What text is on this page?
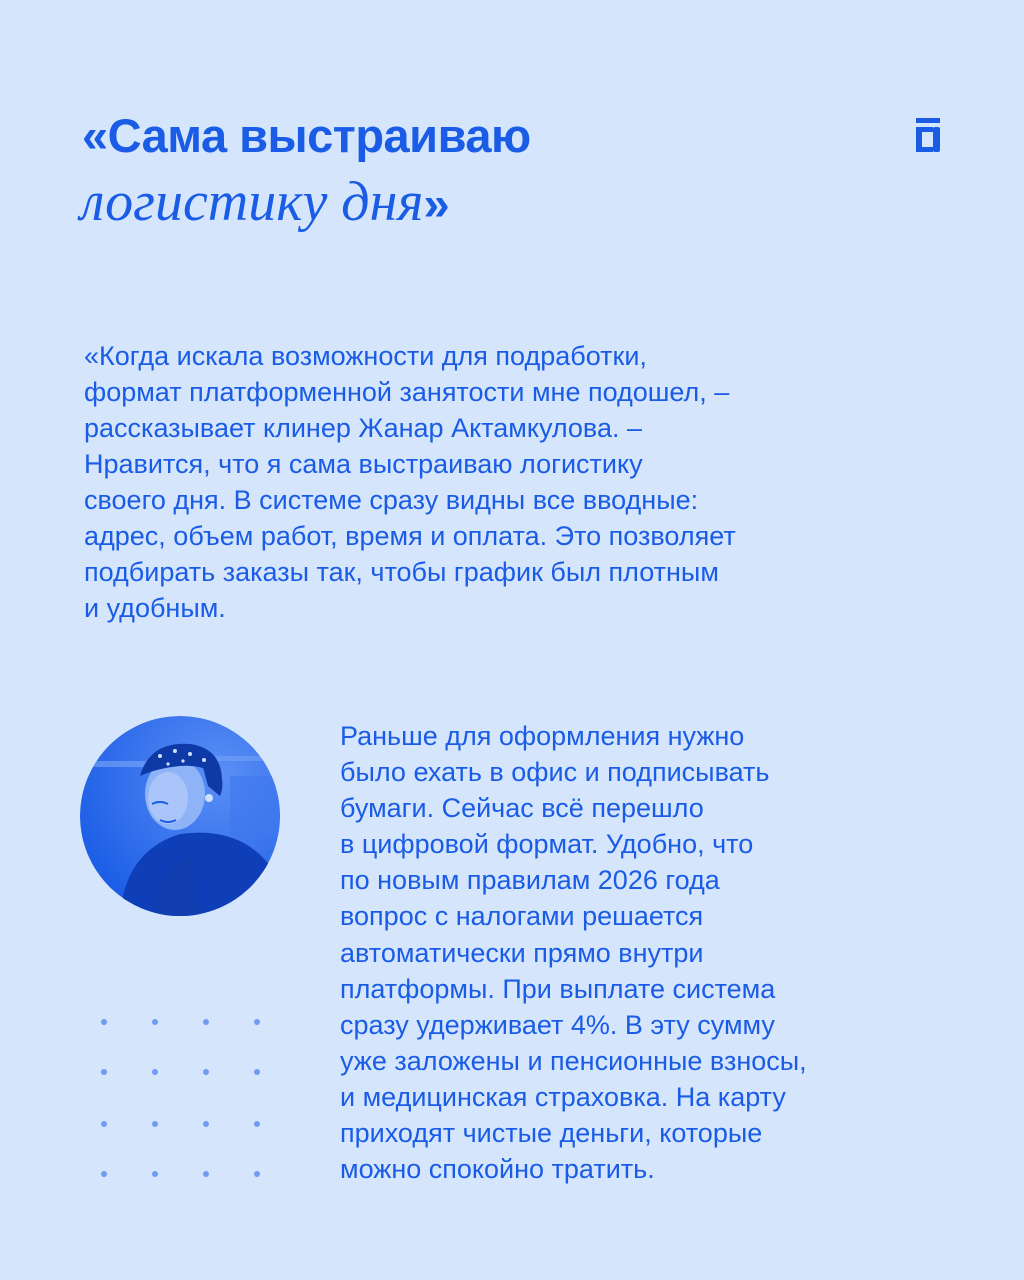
«Сама выстраиваю
логистику дня»
«Когда искала возможности для подработки,
формат платформенной занятости мне подошел, –
рассказывает клинер Жанар Актамкулова. –
Нравится, что я сама выстраиваю логистику
своего дня. В системе сразу видны все вводные:
адрес, объем работ, время и оплата. Это позволяет
подбирать заказы так, чтобы график был плотным
и удобным.
Раньше для оформления нужно
было ехать в офис и подписывать
бумаги. Сейчас всё перешло
в цифровой формат. Удобно, что
по новым правилам 2026 года
вопрос с налогами решается
автоматически прямо внутри
платформы. При выплате система
сразу удерживает 4%. В эту сумму
уже заложены и пенсионные взносы,
и медицинская страховка. На карту
приходят чистые деньги, которые
можно спокойно тратить.
